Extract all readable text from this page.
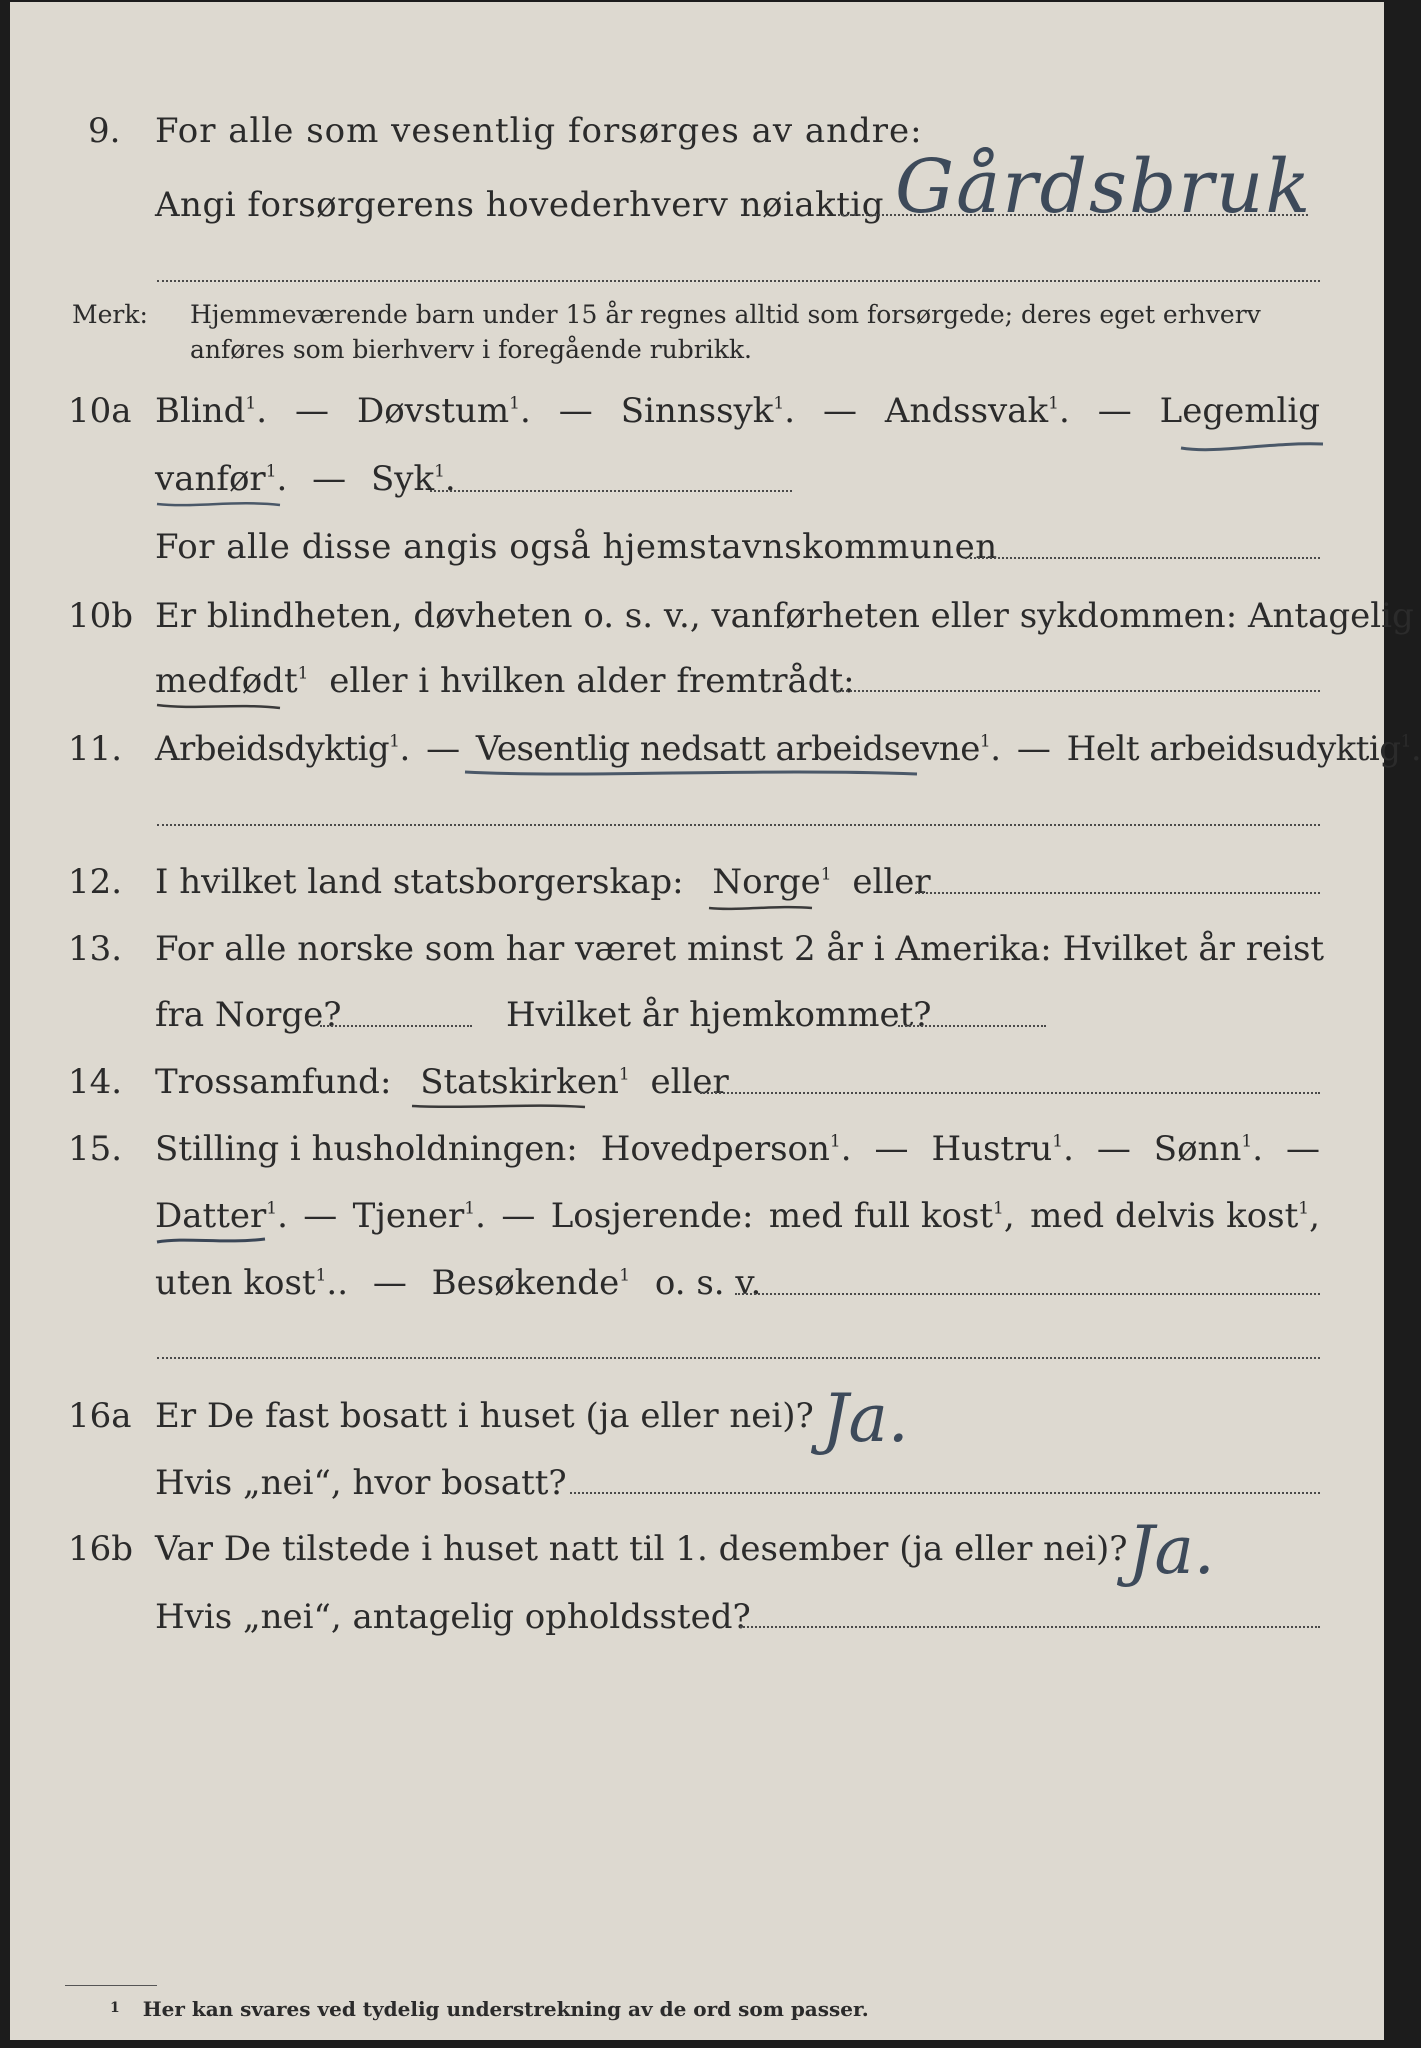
9. For alle som vesentlig forsørges av andre:
Angi forsørgerens hovederhverv nøiaktig Gårdsbruk
Merk: Hjemmeværende barn under 15 år regnes alltid som forsørgede; deres eget erhverv
anføres som bierhverv i foregående rubrikk.
10a Blind$^1$. — Døvstum$^1$. — Sinnssyk$^1$. — Andssvak$^1$. — Legemlig
vanfør$^1$. — Syk$^1$.
For alle disse angis også hjemstavnskommunen
10b Er blindheten, døvheten o. s. v., vanførheten eller sykdommen: Antagelig
medfødt$^1$ eller i hvilken alder fremtrådt:
11. Arbeidsdyktig$^1$. — Vesentlig nedsatt arbeidsevne$^1$. — Helt arbeidsudyktig$^1$.
12. I hvilket land statsborgerskap: Norge$^1$ eller
13. For alle norske som har været minst 2 år i Amerika: Hvilket år reist
fra Norge?	Hvilket år hjemkommet?
14. Trossamfund: Statskirken$^1$ eller
15. Stilling i husholdningen: Hovedperson$^1$. — Hustru$^1$. — Sønn$^1$. —
Datter$^1$. — Tjener$^1$. — Losjerende: med full kost$^1$, med delvis kost$^1$,
uten kost$^1$.. — Besøkende$^1$ o. s. v.
16a Er De fast bosatt i huset (ja eller nei)? Ja.
Hvis „nei“, hvor bosatt?
16b Var De tilstede i huset natt til 1. desember (ja eller nei)? Ja.
Hvis „nei“, antagelig opholdssted?
$^1$ Her kan svares ved tydelig understrekning av de ord som passer.
